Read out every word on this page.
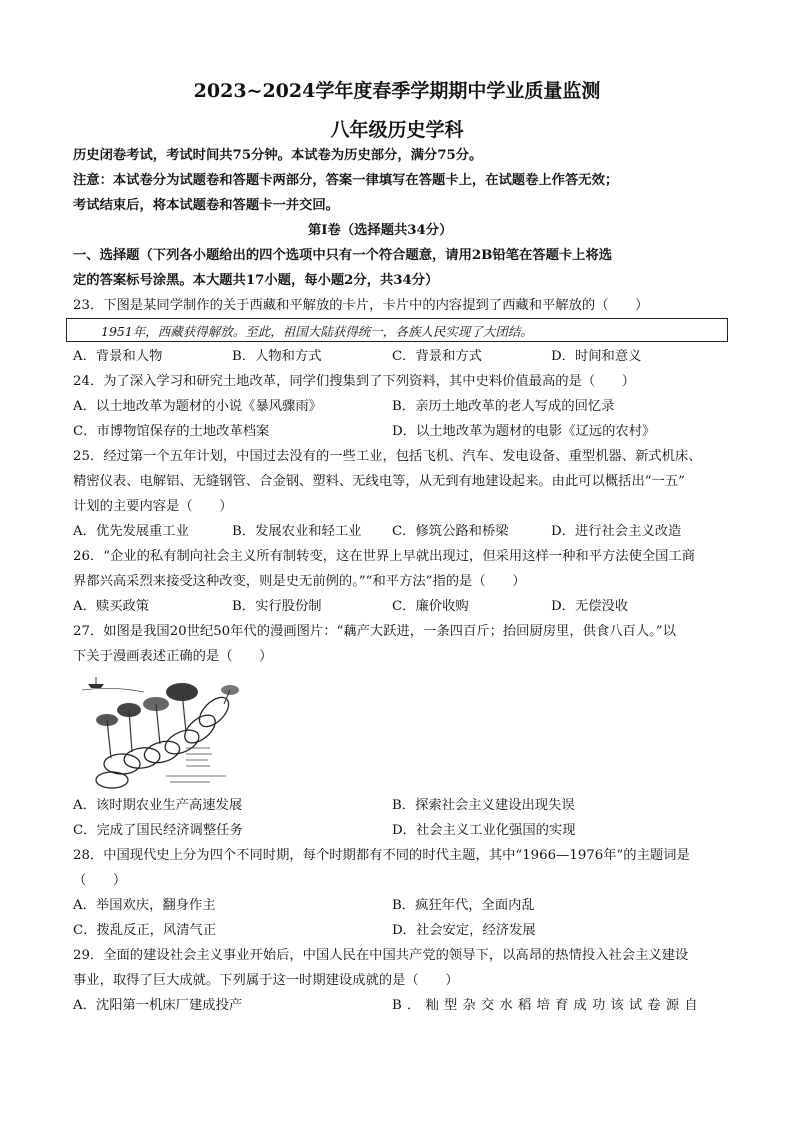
2023~2024学年度春季学期期中学业质量监测
八年级历史学科
历史闭卷考试，考试时间共75分钟。本试卷为历史部分，满分75分。
注意：本试卷分为试题卷和答题卡两部分，答案一律填写在答题卡上，在试题卷上作答无效；
考试结束后，将本试题卷和答题卡一并交回。
第Ⅰ卷（选择题共34分）
一、选择题（下列各小题给出的四个选项中只有一个符合题意，请用2B铅笔在答题卡上将选
定的答案标号涂黑。本大题共17小题，每小题2分，共34分）
23．下图是某同学制作的关于西藏和平解放的卡片，卡片中的内容提到了西藏和平解放的（　　）
1951年，西藏获得解放。至此，祖国大陆获得统一，各族人民实现了大团结。
A．背景和人物	B．人物和方式	C．背景和方式	D．时间和意义
24．为了深入学习和研究土地改革，同学们搜集到了下列资料，其中史料价值最高的是（　　）
A．以土地改革为题材的小说《暴风骤雨》	B．亲历土地改革的老人写成的回忆录
C．市博物馆保存的土地改革档案	D．以土地改革为题材的电影《辽远的农村》
25．经过第一个五年计划，中国过去没有的一些工业，包括飞机、汽车、发电设备、重型机器、新式机床、
精密仪表、电解铝、无缝钢管、合金钢、塑料、无线电等，从无到有地建设起来。由此可以概括出“一五”
计划的主要内容是（　　）
A．优先发展重工业	B．发展农业和轻工业 C．修筑公路和桥梁	D．进行社会主义改造
26．“企业的私有制向社会主义所有制转变，这在世界上早就出现过，但采用这样一种和平方法使全国工商
界都兴高采烈来接受这种改变，则是史无前例的。”“和平方法”指的是（　　）
A．赎买政策	B．实行股份制	C．廉价收购	D．无偿没收
27．如图是我国20世纪50年代的漫画图片：“藕产大跃进，一条四百斤；抬回厨房里，供食八百人。”以
下关于漫画表述正确的是（　　）
A．该时期农业生产高速发展	B．探索社会主义建设出现失误
C．完成了国民经济调整任务	D．社会主义工业化强国的实现
28．中国现代史上分为四个不同时期，每个时期都有不同的时代主题，其中“1966—1976年”的主题词是
（　　）
A．举国欢庆，翻身作主	B．疯狂年代，全面内乱
C．拨乱反正，风清气正	D．社会安定，经济发展
29．全面的建设社会主义事业开始后，中国人民在中国共产党的领导下，以高昂的热情投入社会主义建设
事业，取得了巨大成就。下列属于这一时期建设成就的是（　　）
A．沈阳第一机床厂建成投产	B．籼型杂交水稻培育成功该试卷源自
